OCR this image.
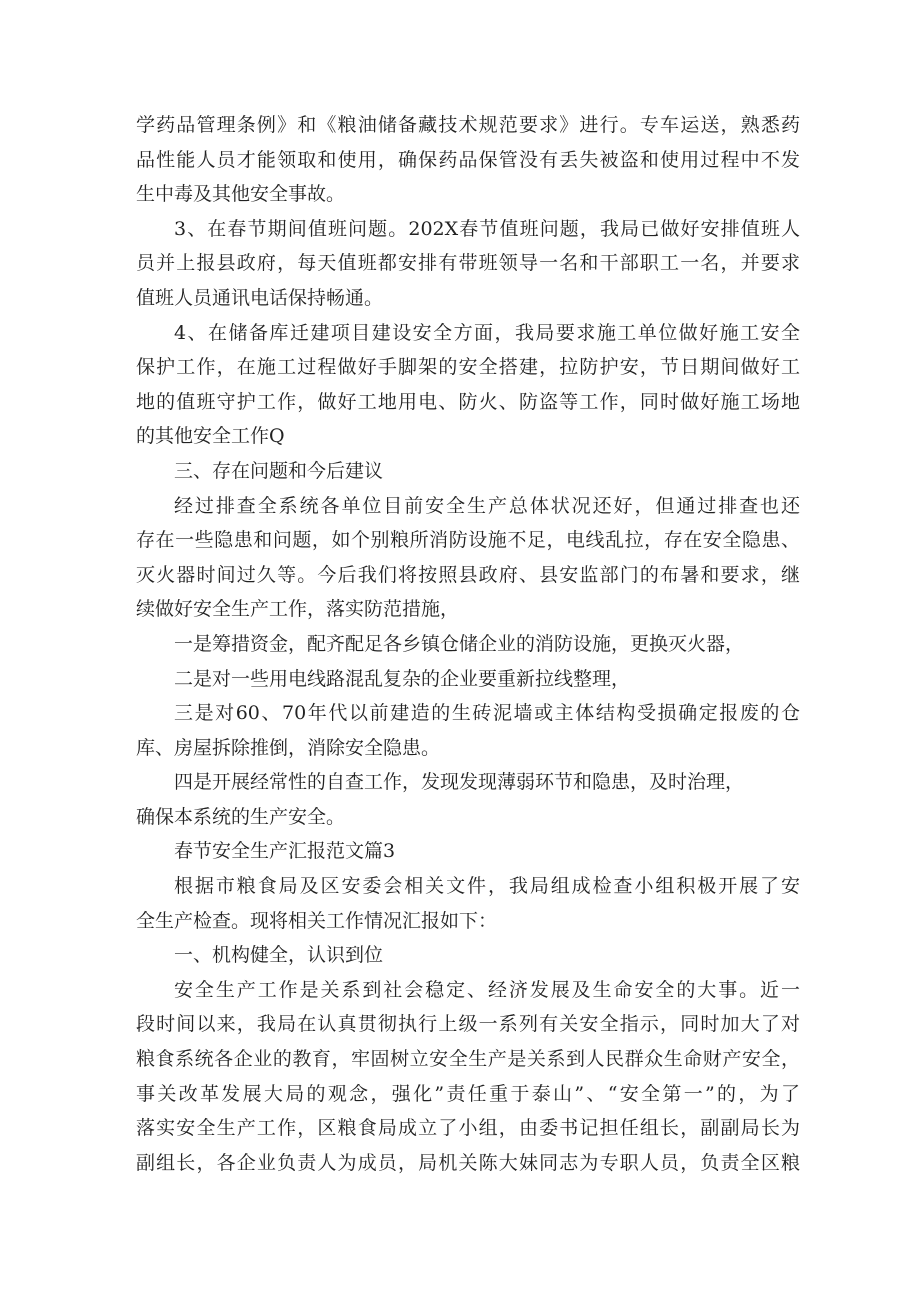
学药品管理条例》和《粮油储备藏技术规范要求》进行。专车运送，熟悉药
品性能人员才能领取和使用，确保药品保管没有丢失被盗和使用过程中不发
生中毒及其他安全事故。
3、在春节期间值班问题。202X春节值班问题，我局已做好安排值班人
员并上报县政府，每天值班都安排有带班领导一名和干部职工一名，并要求
值班人员通讯电话保持畅通。
4、在储备库迁建项目建设安全方面，我局要求施工单位做好施工安全
保护工作，在施工过程做好手脚架的安全搭建，拉防护安，节日期间做好工
地的值班守护工作，做好工地用电、防火、防盗等工作，同时做好施工场地
的其他安全工作Q
三、存在问题和今后建议
经过排查全系统各单位目前安全生产总体状况还好，但通过排查也还
存在一些隐患和问题，如个别粮所消防设施不足，电线乱拉，存在安全隐患、
灭火器时间过久等。今后我们将按照县政府、县安监部门的布暑和要求，继
续做好安全生产工作，落实防范措施，
一是筹措资金，配齐配足各乡镇仓储企业的消防设施，更换灭火器，
二是对一些用电线路混乱复杂的企业要重新拉线整理，
三是对60、70年代以前建造的生砖泥墙或主体结构受损确定报废的仓
库、房屋拆除推倒，消除安全隐患。
四是开展经常性的自查工作，发现发现薄弱环节和隐患，及时治理，
确保本系统的生产安全。
春节安全生产汇报范文篇3
根据市粮食局及区安委会相关文件，我局组成检查小组积极开展了安
全生产检查。现将相关工作情况汇报如下：
一、机构健全，认识到位
安全生产工作是关系到社会稳定、经济发展及生命安全的大事。近一
段时间以来，我局在认真贯彻执行上级一系列有关安全指示，同时加大了对
粮食系统各企业的教育，牢固树立安全生产是关系到人民群众生命财产安全，
事关改革发展大局的观念，强化”责任重于泰山”、“安全第一”的，为了
落实安全生产工作，区粮食局成立了小组，由委书记担任组长，副副局长为
副组长，各企业负责人为成员，局机关陈大妹同志为专职人员，负责全区粮
